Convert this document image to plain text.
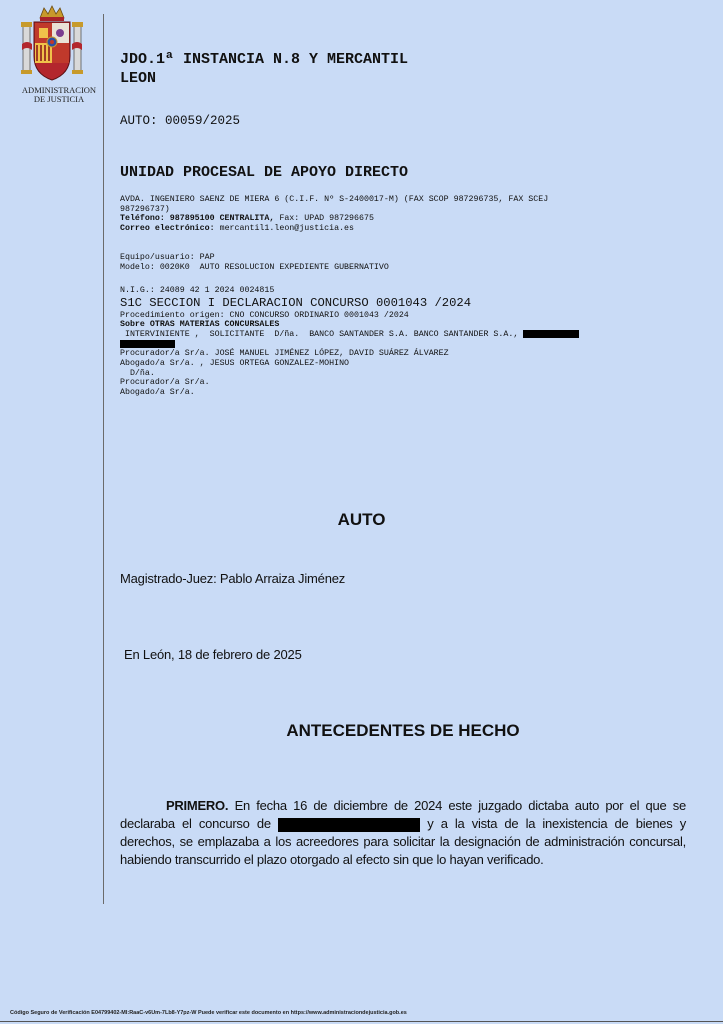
ADMINISTRACION
DE JUSTICIA
JDO.1ª INSTANCIA N.8 Y MERCANTIL
LEON
AUTO: 00059/2025
UNIDAD PROCESAL DE APOYO DIRECTO
AVDA. INGENIERO SAENZ DE MIERA 6 (C.I.F. Nº S-2400017-M) (FAX SCOP 987296735, FAX SCEJ
987296737)
Teléfono: 987895100 CENTRALITA, Fax: UPAD 987296675
Correo electrónico: mercantil1.leon@justicia.es
Equipo/usuario: PAP
Modelo: 0020K0  AUTO RESOLUCION EXPEDIENTE GUBERNATIVO
N.I.G.: 24089 42 1 2024 0024815
S1C SECCION I DECLARACION CONCURSO 0001043 /2024
Procedimiento origen: CNO CONCURSO ORDINARIO 0001043 /2024
Sobre OTRAS MATERIAS CONCURSALES
INTERVINIENTE ,  SOLICITANTE  D/ña.  BANCO SANTANDER S.A. BANCO SANTANDER S.A.,
Procurador/a Sr/a. JOSÉ MANUEL JIMÉNEZ LÓPEZ, DAVID SUÁREZ ÁLVAREZ
Abogado/a Sr/a. , JESUS ORTEGA GONZALEZ-MOHINO
D/ña.
Procurador/a Sr/a.
Abogado/a Sr/a.
AUTO
Magistrado-Juez: Pablo Arraiza Jiménez
En León, 18 de febrero de 2025
ANTECEDENTES DE HECHO

PRIMERO. En fecha 16 de diciembre de 2024 este juzgado dictaba auto por el que se declaraba el concurso de	y a la vista de la inexistencia de bienes y derechos, se emplazaba a los acreedores para solicitar la designación de administración concursal, habiendo transcurrido el plazo otorgado al efecto sin que lo hayan verificado.

Código Seguro de Verificación E04799402-MI:RaaC-v6Um-7Lb8-Y7pz-W Puede verificar este documento en https://www.administraciondejusticia.gob.es
